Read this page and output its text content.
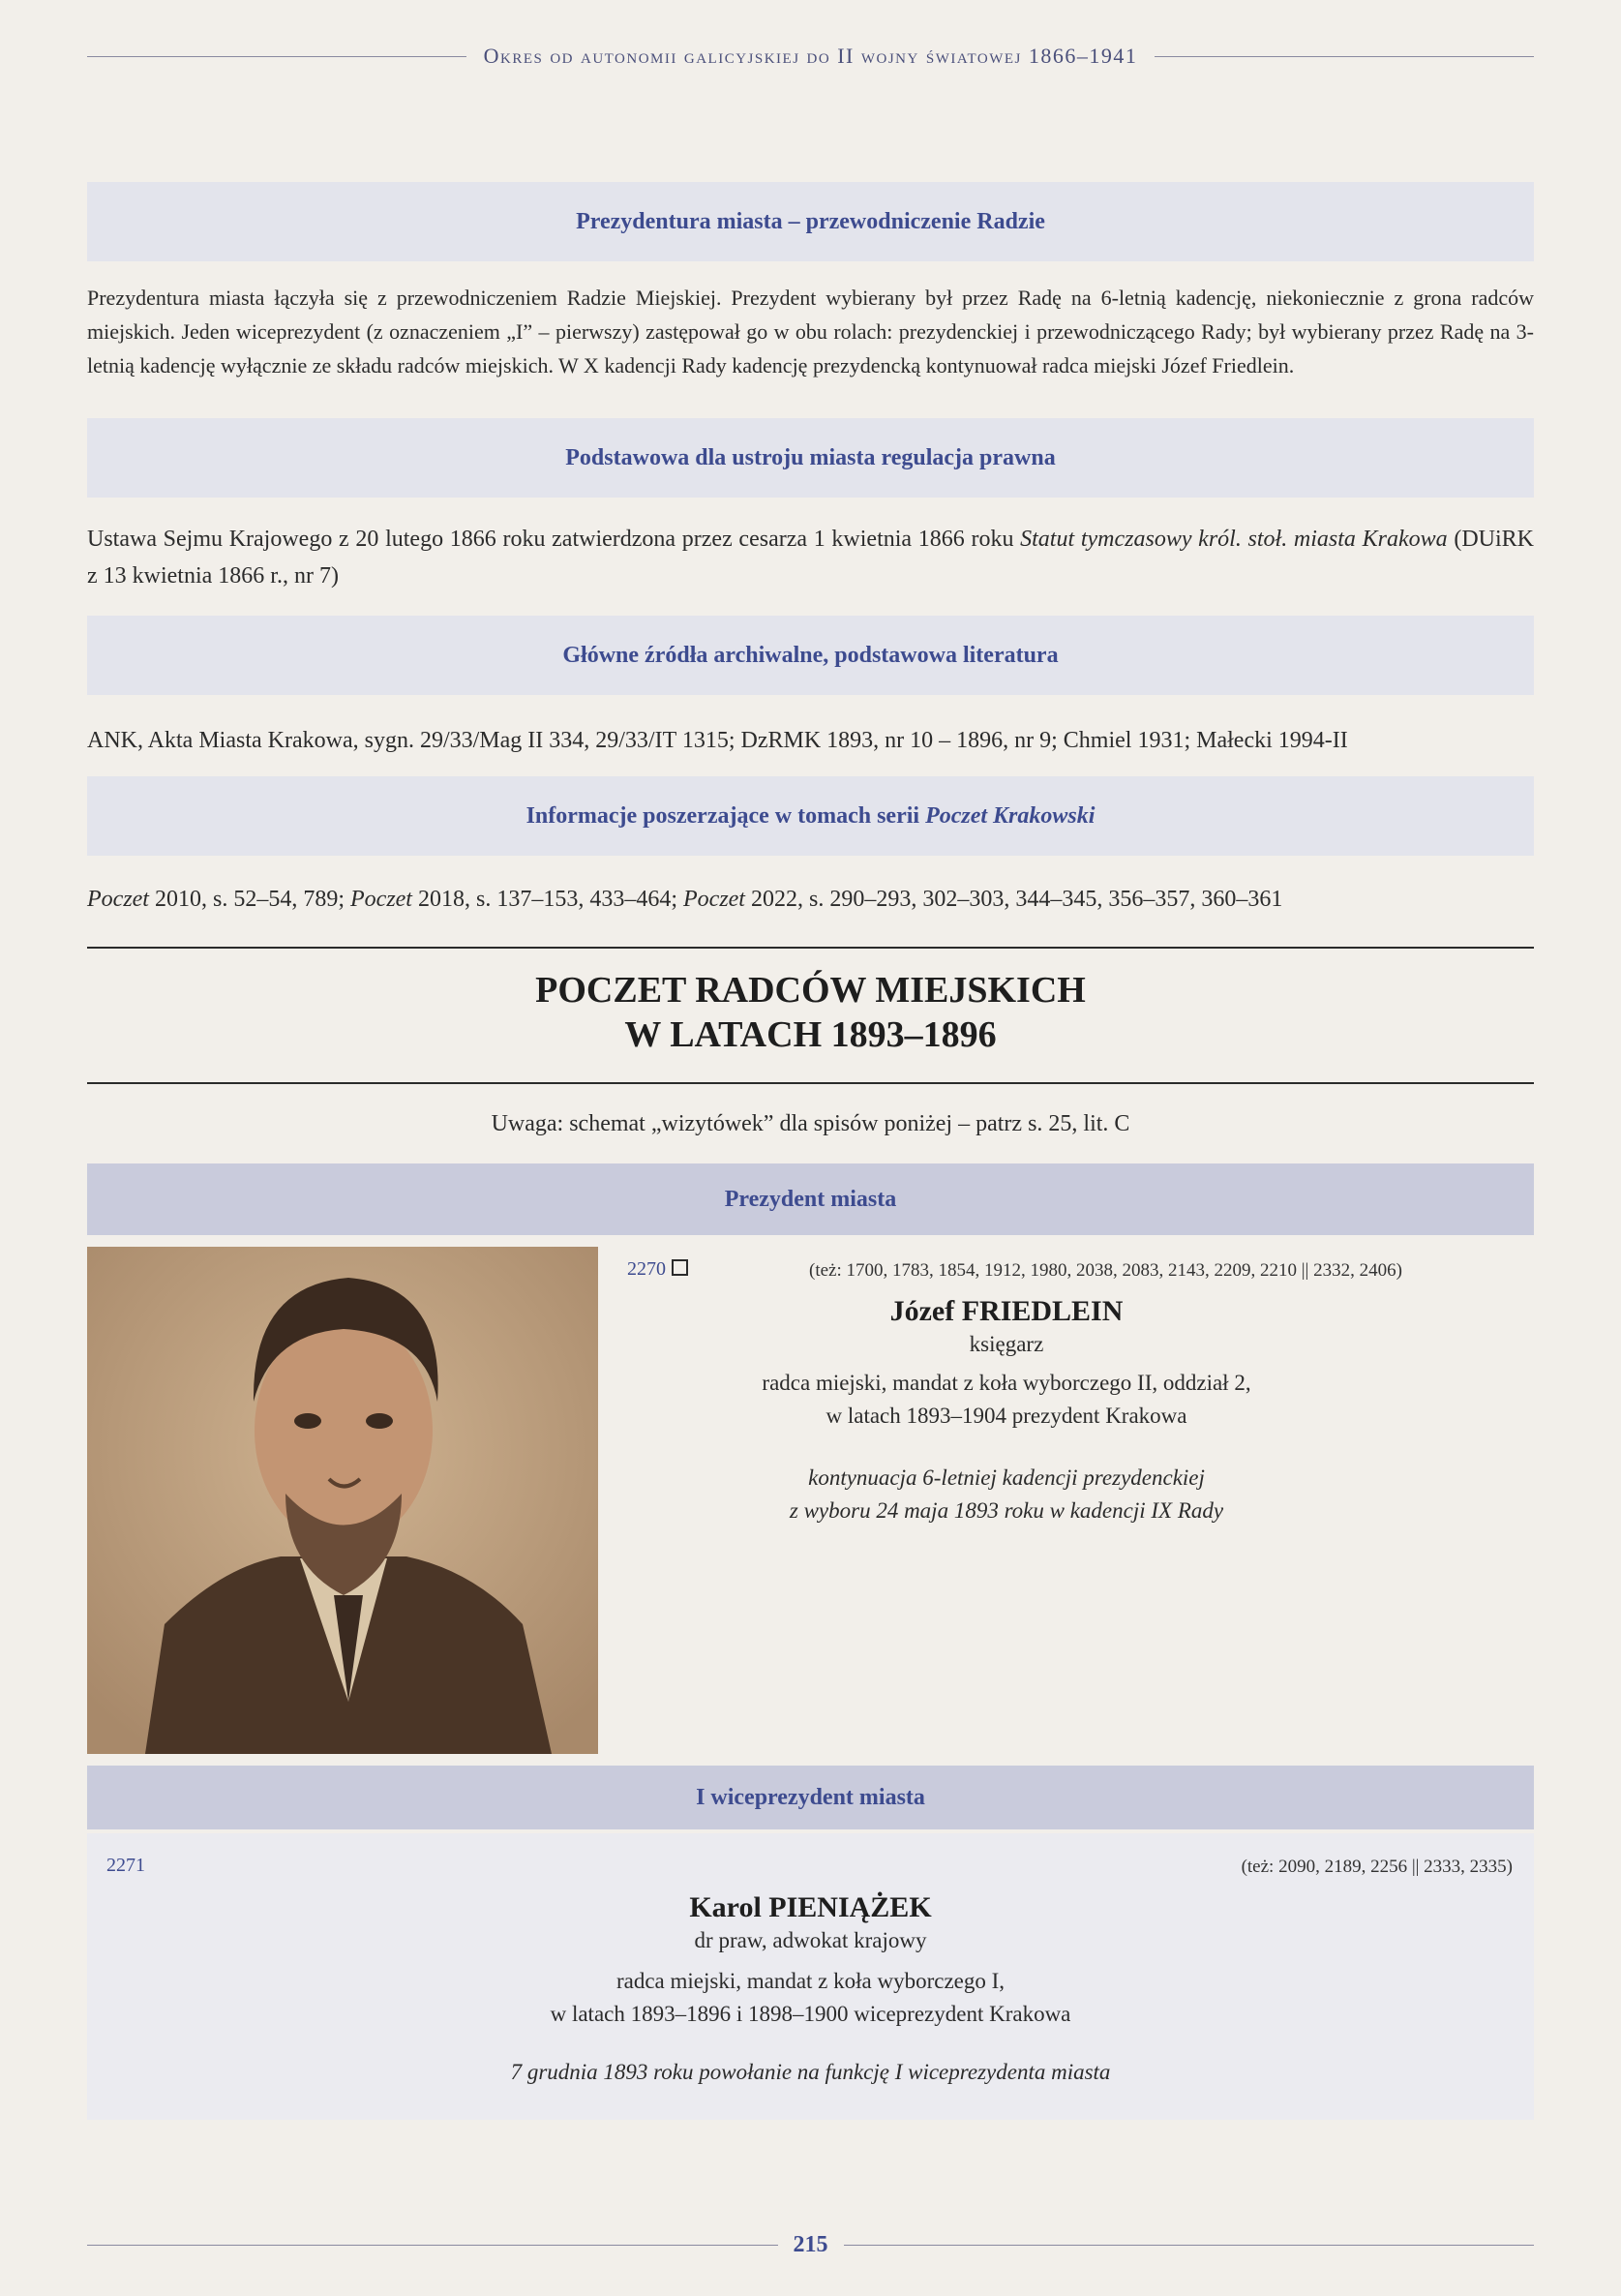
Okres od autonomii galicyjskiej do II wojny światowej 1866–1941
Prezydentura miasta – przewodniczenie Radzie
Prezydentura miasta łączyła się z przewodniczeniem Radzie Miejskiej. Prezydent wybierany był przez Radę na 6-letnią kadencję, niekoniecznie z grona radców miejskich. Jeden wiceprezydent (z oznaczeniem „I” – pierwszy) zastępował go w obu rolach: prezydenckiej i przewodniczącego Rady; był wybierany przez Radę na 3-letnią kadencję wyłącznie ze składu radców miejskich. W X kadencji Rady kadencję prezydencką kontynuował radca miejski Józef Friedlein.
Podstawowa dla ustroju miasta regulacja prawna
Ustawa Sejmu Krajowego z 20 lutego 1866 roku zatwierdzona przez cesarza 1 kwietnia 1866 roku Statut tymczasowy król. stoł. miasta Krakowa (DUiRK z 13 kwietnia 1866 r., nr 7)
Główne źródła archiwalne, podstawowa literatura
ANK, Akta Miasta Krakowa, sygn. 29/33/Mag II 334, 29/33/IT 1315; DzRMK 1893, nr 10 – 1896, nr 9; Chmiel 1931; Małecki 1994-II
Informacje poszerzające w tomach serii
Poczet Krakowski
Poczet 2010, s. 52–54, 789; Poczet 2018, s. 137–153, 433–464; Poczet 2022, s. 290–293, 302–303, 344–345, 356–357, 360–361
POCZET RADCÓW MIEJSKICH
W LATACH 1893–1896
Uwaga: schemat „wizytówek” dla spisów poniżej – patrz s. 25, lit. C
Prezydent miasta
2270	(też: 1700, 1783, 1854, 1912, 1980, 2038, 2083, 2143, 2209, 2210 || 2332, 2406)
Józef FRIEDLEIN
księgarz
radca miejski, mandat z koła wyborczego II, oddział 2,
w latach 1893–1904 prezydent Krakowa
kontynuacja 6-letniej kadencji prezydenckiej
z wyboru 24 maja 1893 roku w kadencji IX Rady
I wiceprezydent miasta
2271	(też: 2090, 2189, 2256 || 2333, 2335)
Karol PIENIĄŻEK
dr praw, adwokat krajowy
radca miejski, mandat z koła wyborczego I,
w latach 1893–1896 i 1898–1900 wiceprezydent Krakowa
7 grudnia 1893 roku powołanie na funkcję I wiceprezydenta miasta
215
